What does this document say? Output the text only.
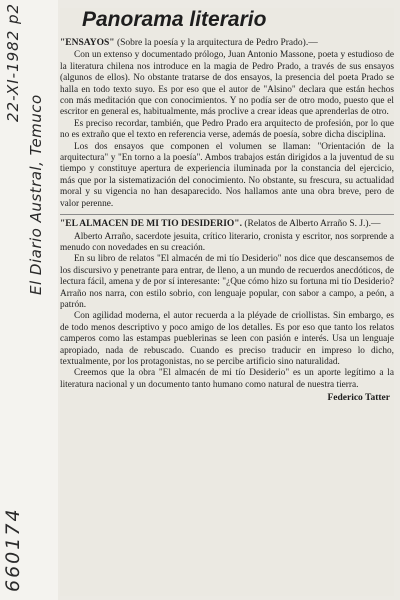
22-XI-1982 p2
El Diario Austral, Temuco
660174
Panorama literario
"ENSAYOS" (Sobre la poesía y la arquitectura de Pedro Prado).—

Con un extenso y documentado prólogo, Juan Antonio Massone, poeta y estudioso de la literatura chilena nos introduce en la magia de Pedro Prado, a través de sus ensayos (algunos de ellos). No obstante tratarse de dos ensayos, la presencia del poeta Prado se halla en todo texto suyo. Es por eso que el autor de "Alsino" declara que están hechos con más meditación que con conocimientos. Y no podía ser de otro modo, puesto que el escritor en general es, habitualmente, más proclive a crear ideas que aprenderlas de otro.

Es preciso recordar, también, que Pedro Prado era arquitecto de profesión, por lo que no es extraño que el texto en referencia verse, además de poesía, sobre dicha disciplina.

Los dos ensayos que componen el volumen se llaman: "Orientación de la arquitectura" y "En torno a la poesía". Ambos trabajos están dirigidos a la juventud de su tiempo y constituye apertura de experiencia iluminada por la constancia del ejercicio, más que por la sistematización del conocimiento. No obstante, su frescura, su actualidad moral y su vigencia no han desaparecido. Nos hallamos ante una obra breve, pero de valor perenne.

"EL ALMACEN DE MI TIO DESIDERIO". (Relatos de Alberto Arraño S. J.).—

Alberto Arraño, sacerdote jesuita, crítico literario, cronista y escritor, nos sorprende a menudo con novedades en su creación.

En su libro de relatos "El almacén de mi tío Desiderio" nos dice que descansemos de los discursivo y penetrante para entrar, de lleno, a un mundo de recuerdos anecdóticos, de lectura fácil, amena y de por sí interesante: "¿Que cómo hizo su fortuna mi tío Desiderio? Arraño nos narra, con estilo sobrio, con lenguaje popular, con sabor a campo, a peón, a patrón.

Con agilidad moderna, el autor recuerda a la pléyade de criollistas. Sin embargo, es de todo menos descriptivo y poco amigo de los detalles. Es por eso que tanto los relatos camperos como las estampas pueblerinas se leen con pasión e interés. Usa un lenguaje apropiado, nada de rebuscado. Cuando es preciso traducir en impreso lo dicho, textualmente, por los protagonistas, no se percibe artificio sino naturalidad.

Creemos que la obra "El almacén de mi tío Desiderio" es un aporte legítimo a la literatura nacional y un documento tanto humano como natural de nuestra tierra.

Federico Tatter
